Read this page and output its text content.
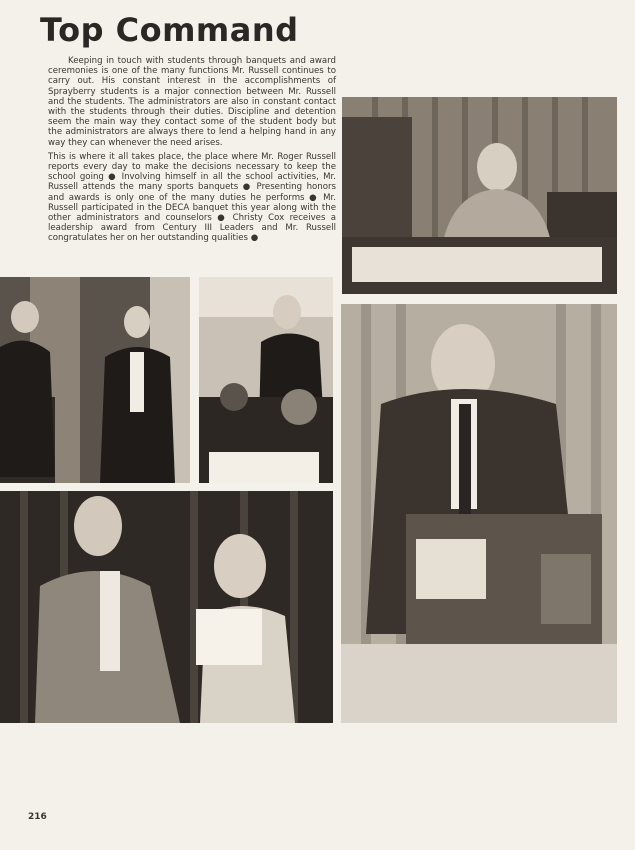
Top Command

Keeping in touch with students through banquets and award ceremonies is one of the many functions Mr. Russell continues to carry out. His constant interest in the accomplishments of Sprayberry students is a major connection between Mr. Russell and the students. The administrators are also in constant contact with the students through their duties. Discipline and detention seem the main way they contact some of the student body but the administrators are always there to lend a helping hand in any way they can whenever the need arises.

This is where it all takes place, the place where Mr. Roger Russell reports every day to make the decisions necessary to keep the school going ● Involving himself in all the school activities, Mr. Russell attends the many sports banquets ● Presenting honors and awards is only one of the many duties he performs ● Mr. Russell participated in the DECA banquet this year along with the other administrators and counselors ● Christy Cox receives a leadership award from Century III Leaders and Mr. Russell congratulates her on her outstanding qualities ●

216
